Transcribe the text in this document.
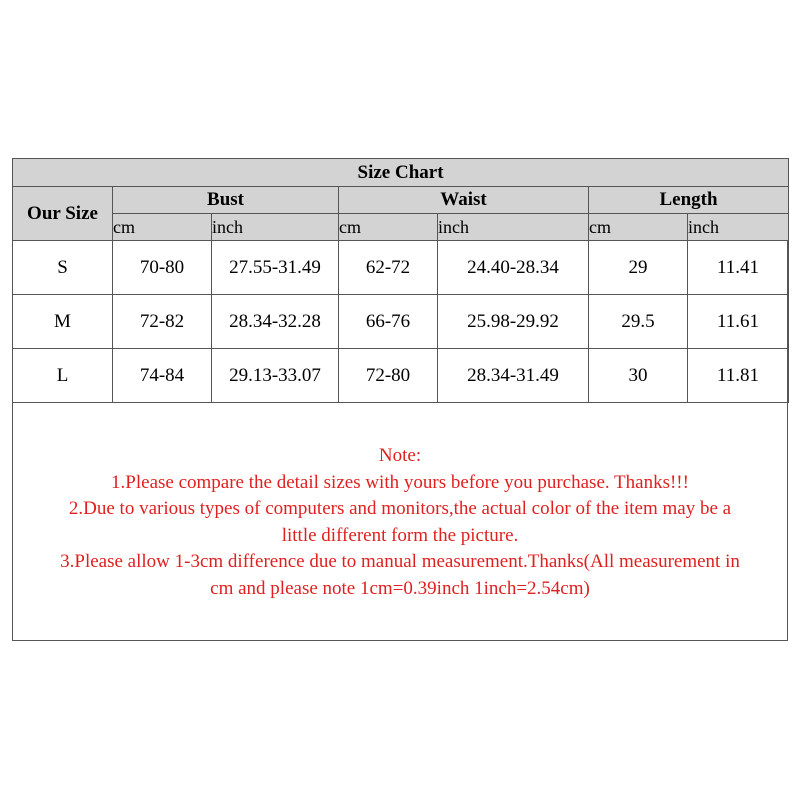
Size Chart						
Our Size	Bust		Waist		Length	
	cm	inch	cm	inch	cm	inch
S	70-80	27.55-31.49	62-72	24.40-28.34	29	11.41
M	72-82	28.34-32.28	66-76	25.98-29.92	29.5	11.61
L	74-84	29.13-33.07	72-80	28.34-31.49	30	11.81
Note:
1.Please compare the detail sizes with yours before you purchase. Thanks!!!
2.Due to various types of computers and monitors,the actual color of the item may be a
little different form the picture.
3.Please allow 1-3cm difference due to manual measurement.Thanks(All measurement in
cm and please note 1cm=0.39inch 1inch=2.54cm)
